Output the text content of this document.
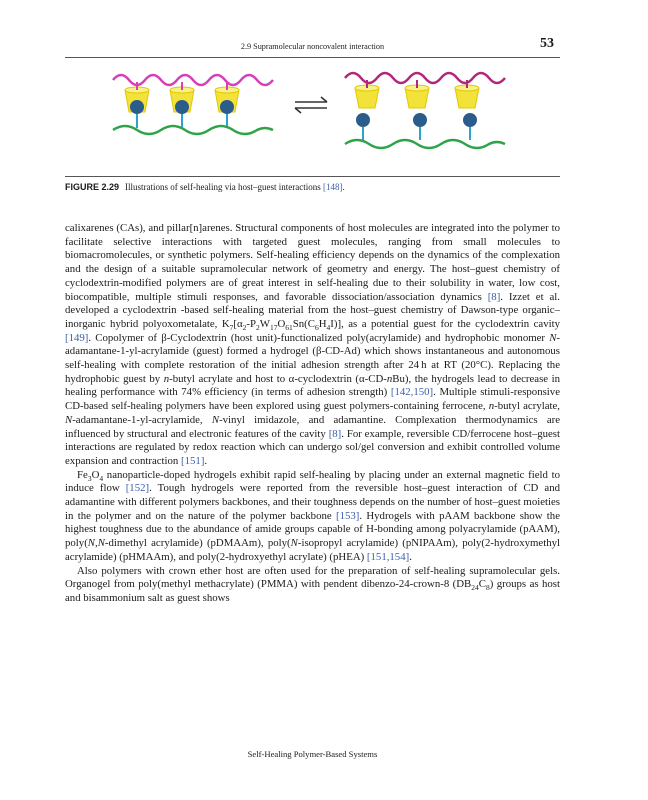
2.9 Supramolecular noncovalent interaction	53
FIGURE 2.29 Illustrations of self-healing via host–guest interactions [148].

calixarenes (CAs), and pillar[n]arenes. Structural components of host molecules are integrated into the polymer to facilitate selective interactions with targeted guest molecules, ranging from small molecules to biomacromolecules, or synthetic polymers. Self-healing efficiency depends on the dynamics of the complexation and the design of a suitable supramolecular network of geometry and energy. The host–guest chemistry of cyclodextrin-modified polymers are of great interest in self-healing due to their solubility in water, low cost, biocompatible, multiple stimuli responses, and favorable dissociation/association dynamics [8]. Izzet et al. developed a cyclodextrin -based self-healing material from the host–guest chemistry of Dawson-type organic–inorganic hybrid polyoxometalate, $K_7[\alpha_2-P_2W_{17}O_{61}Sn(C_6H_4I)]$, as a potential guest for the cyclodextrin cavity [149]. Copolymer of β-Cyclodextrin (host unit)-functionalized poly(acrylamide) and hydrophobic monomer N-adamantane-1-yl-acrylamide (guest) formed a hydrogel (β-CD-Ad) which shows instantaneous and autonomous self-healing with complete restoration of the initial adhesion strength after 24 h at RT (20°C). Replacing the hydrophobic guest by n-butyl acrylate and host to α-cyclodextrin (α-CD-nBu), the hydrogels lead to decrease in healing performance with 74% efficiency (in terms of adhesion strength) [142,150]. Multiple stimuli-responsive CD-based self-healing polymers have been explored using guest polymers-containing ferrocene, n-butyl acrylate, N-adamantane-1-yl-acrylamide, N-vinyl imidazole, and adamantine. Complexation thermodynamics are influenced by structural and electronic features of the cavity [8]. For example, reversible CD/ferrocene host–guest interactions are regulated by redox reaction which can undergo sol/gel conversion and exhibit controlled volume expansion and contraction [151].

$Fe_3O_4$ nanoparticle-doped hydrogels exhibit rapid self-healing by placing under an external magnetic field to induce flow [152]. Tough hydrogels were reported from the reversible host–guest interaction of CD and adamantine with different polymers backbones, and their toughness depends on the number of host–guest moieties in the polymer and on the nature of the polymer backbone [153]. Hydrogels with pAAM backbone show the highest toughness due to the abundance of amide groups capable of H-bonding among polyacrylamide (pAAM), poly(N,N-dimethyl acrylamide) (pDMAAm), poly(N-isopropyl acrylamide) (pNIPAAm), poly(2-hydroxymethyl acrylamide) (pHMAAm), and poly(2-hydroxyethyl acrylate) (pHEA) [151,154].

Also polymers with crown ether host are often used for the preparation of self-healing supramolecular gels. Organogel from poly(methyl methacrylate) (PMMA) with pendent dibenzo-24-crown-8 $(DB_{24}C_8)$ groups as host and bisammonium salt as guest shows

Self-Healing Polymer-Based Systems
